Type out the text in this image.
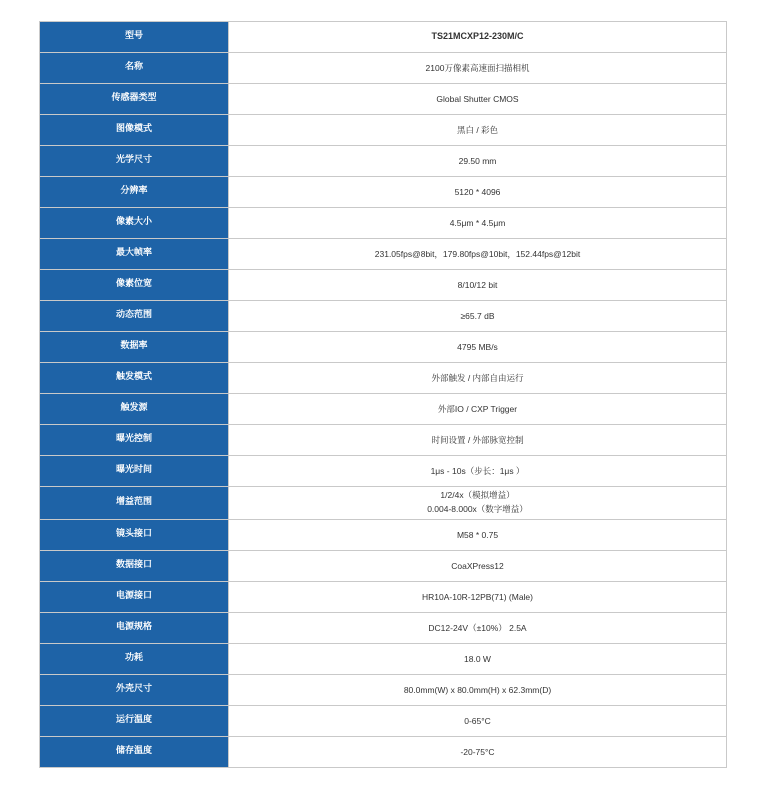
型号	TS21MCXP12-230M/C
名称	2100万像素高速面扫描相机
传感器类型	Global Shutter CMOS
图像模式	黑白 / 彩色
光学尺寸	29.50 mm
分辨率	5120 * 4096
像素大小	4.5μm * 4.5μm
最大帧率	231.05fps@8bit，179.80fps@10bit，152.44fps@12bit
像素位宽	8/10/12 bit
动态范围	≥65.7 dB
数据率	4795 MB/s
触发模式	外部触发 / 内部自由运行
触发源	外部IO / CXP Trigger
曝光控制	时间设置 / 外部脉宽控制
曝光时间	1μs - 10s（步长：1μs ）
增益范围	1/2/4x（模拟增益）
0.004-8.000x（数字增益）

镜头接口	M58 * 0.75
数据接口	CoaXPress12
电源接口	HR10A-10R-12PB(71) (Male)
电源规格	DC12-24V（±10%） 2.5A
功耗	18.0 W
外壳尺寸	80.0mm(W) x 80.0mm(H) x 62.3mm(D)
运行温度	0-65°C
储存温度	-20-75°C
